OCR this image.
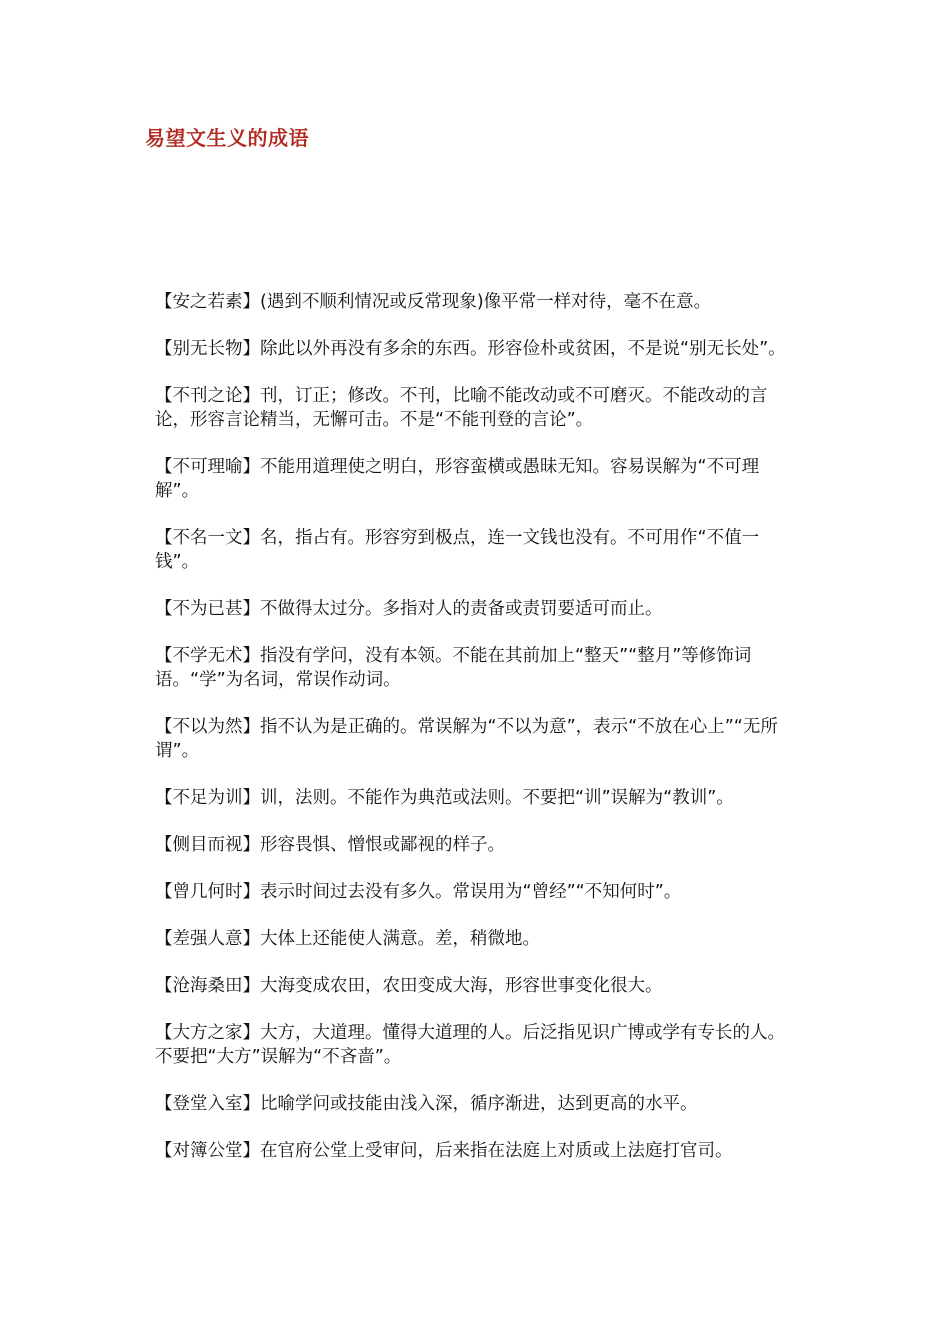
易望文生义的成语
【安之若素】(遇到不顺利情况或反常现象)像平常一样对待，毫不在意。
【别无长物】除此以外再没有多余的东西。形容俭朴或贫困，不是说“别无长处”。
【不刊之论】刊，订正；修改。不刊，比喻不能改动或不可磨灭。不能改动的言论，形容言论精当，无懈可击。不是“不能刊登的言论”。
【不可理喻】不能用道理使之明白，形容蛮横或愚昧无知。容易误解为“不可理解”。
【不名一文】名，指占有。形容穷到极点，连一文钱也没有。不可用作“不值一钱”。
【不为已甚】不做得太过分。多指对人的责备或责罚要适可而止。
【不学无术】指没有学问，没有本领。不能在其前加上“整天”“整月”等修饰词语。“学”为名词，常误作动词。
【不以为然】指不认为是正确的。常误解为“不以为意”，表示“不放在心上”“无所谓”。
【不足为训】训，法则。不能作为典范或法则。不要把“训”误解为“教训”。
【侧目而视】形容畏惧、憎恨或鄙视的样子。
【曾几何时】表示时间过去没有多久。常误用为“曾经”“不知何时”。
【差强人意】大体上还能使人满意。差，稍微地。
【沧海桑田】大海变成农田，农田变成大海，形容世事变化很大。
【大方之家】大方，大道理。懂得大道理的人。后泛指见识广博或学有专长的人。不要把“大方”误解为“不吝啬”。
【登堂入室】比喻学问或技能由浅入深，循序渐进，达到更高的水平。
【对簿公堂】在官府公堂上受审问，后来指在法庭上对质或上法庭打官司。
